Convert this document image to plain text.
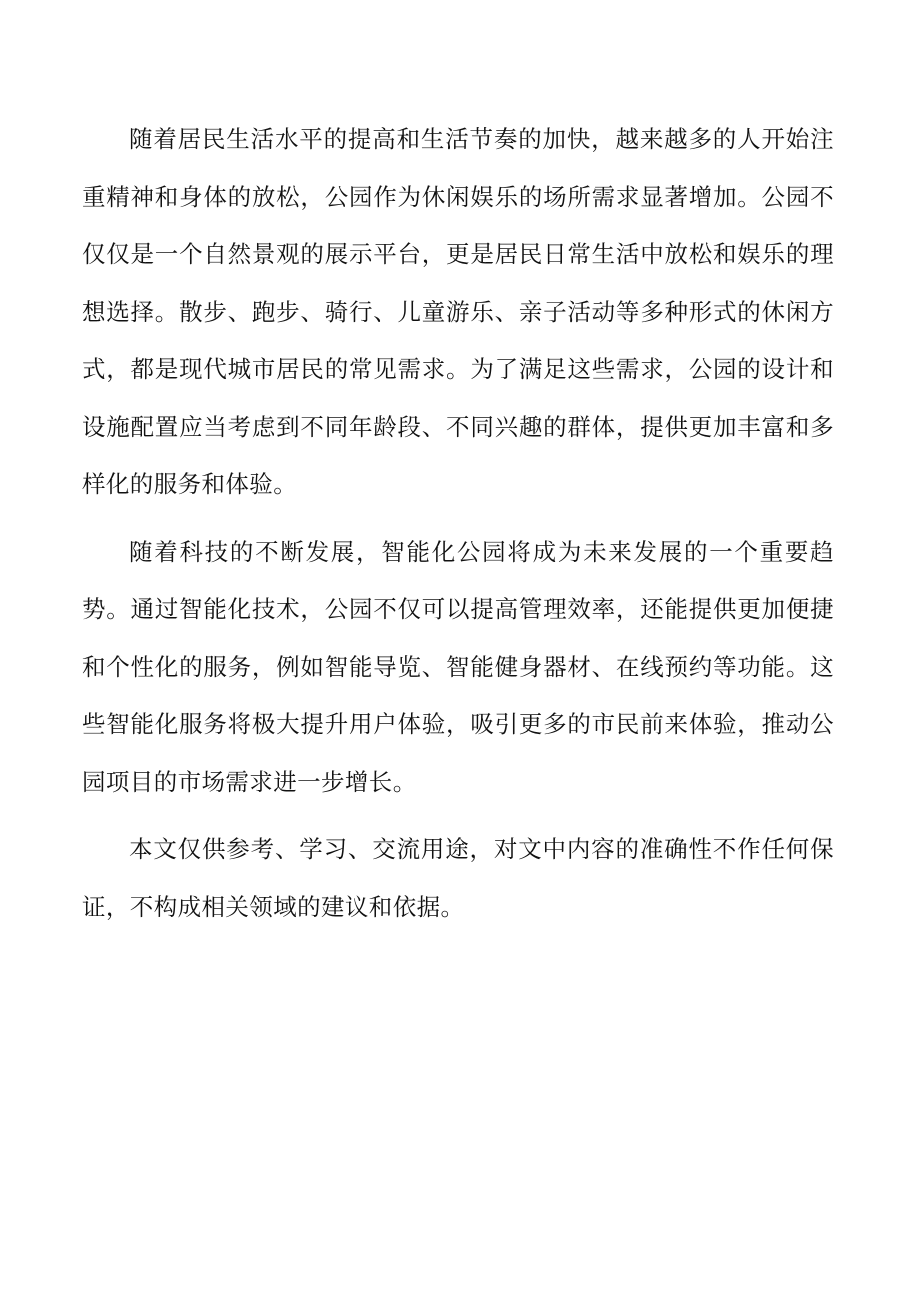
随着居民生活水平的提高和生活节奏的加快，越来越多的人开始注重精神和身体的放松，公园作为休闲娱乐的场所需求显著增加。公园不仅仅是一个自然景观的展示平台，更是居民日常生活中放松和娱乐的理想选择。散步、跑步、骑行、儿童游乐、亲子活动等多种形式的休闲方式，都是现代城市居民的常见需求。为了满足这些需求，公园的设计和设施配置应当考虑到不同年龄段、不同兴趣的群体，提供更加丰富和多样化的服务和体验。

随着科技的不断发展，智能化公园将成为未来发展的一个重要趋势。通过智能化技术，公园不仅可以提高管理效率，还能提供更加便捷和个性化的服务，例如智能导览、智能健身器材、在线预约等功能。这些智能化服务将极大提升用户体验，吸引更多的市民前来体验，推动公园项目的市场需求进一步增长。

本文仅供参考、学习、交流用途，对文中内容的准确性不作任何保证，不构成相关领域的建议和依据。
